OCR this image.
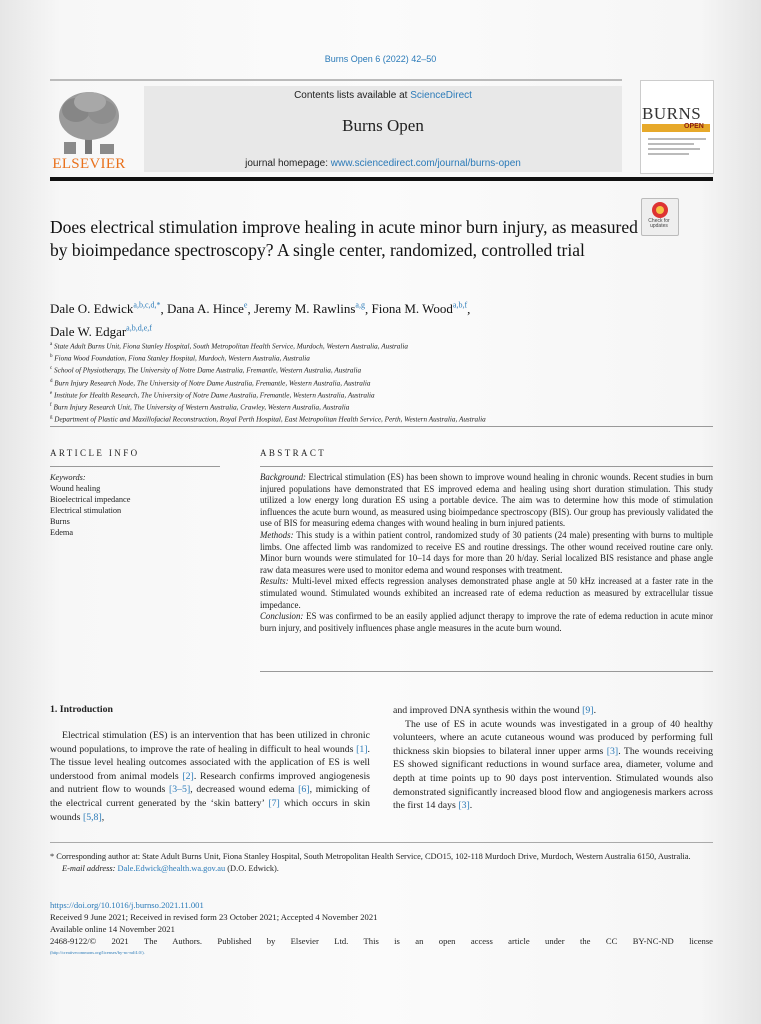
Burns Open 6 (2022) 42–50
ELSEVIER
Contents lists available at ScienceDirect
Burns Open
journal homepage: www.sciencedirect.com/journal/burns-open
BURNS
OPEN
Check for updates
Does electrical stimulation improve healing in acute minor burn injury, as measured by bioimpedance spectroscopy? A single center, randomized, controlled trial
Dale O. Edwick$^{a,b,c,d,*}$, Dana A. Hince$^e$, Jeremy M. Rawlins$^{a,g}$, Fiona M. Wood$^{a,b,f}$,
Dale W. Edgar$^{a,b,d,e,f}$
$^a$ State Adult Burns Unit, Fiona Stanley Hospital, South Metropolitan Health Service, Murdoch, Western Australia, Australia
$^b$ Fiona Wood Foundation, Fiona Stanley Hospital, Murdoch, Western Australia, Australia
$^c$ School of Physiotherapy, The University of Notre Dame Australia, Fremantle, Western Australia, Australia
$^d$ Burn Injury Research Node, The University of Notre Dame Australia, Fremantle, Western Australia, Australia
$^e$ Institute for Health Research, The University of Notre Dame Australia, Fremantle, Western Australia, Australia
$^f$ Burn Injury Research Unit, The University of Western Australia, Crawley, Western Australia, Australia
$^g$ Department of Plastic and Maxillofacial Reconstruction, Royal Perth Hospital, East Metropolitan Health Service, Perth, Western Australia, Australia
ARTICLE INFO
Keywords:
Wound healing
Bioelectrical impedance
Electrical stimulation
Burns
Edema
ABSTRACT

Background: Electrical stimulation (ES) has been shown to improve wound healing in chronic wounds. Recent studies in burn injured populations have demonstrated that ES improved edema and healing using short duration stimulation. This study utilized a low energy long duration ES using a portable device. The aim was to determine how this mode of stimulation influences the acute burn wound, as measured using bioimpedance spectroscopy (BIS). Our group has previously validated the use of BIS for measuring edema changes with wound healing in burn injured patients.

Methods: This study is a within patient control, randomized study of 30 patients (24 male) presenting with burns to multiple limbs. One affected limb was randomized to receive ES and routine dressings. The other wound received routine care only. Minor burn wounds were stimulated for 10–14 days for more than 20 h/day. Serial localized BIS resistance and phase angle raw data measures were used to monitor edema and wound responses with treatment.

Results: Multi-level mixed effects regression analyses demonstrated phase angle at 50 kHz increased at a faster rate in the stimulated wound. Stimulated wounds exhibited an increased rate of edema reduction as measured by extracellular tissue impedance.

Conclusion: ES was confirmed to be an easily applied adjunct therapy to improve the rate of edema reduction in acute minor burn injury, and positively influences phase angle measures in the acute burn wound.

1. Introduction

Electrical stimulation (ES) is an intervention that has been utilized in chronic wound populations, to improve the rate of healing in difficult to heal wounds [1]. The tissue level healing outcomes associated with the application of ES is well understood from animal models [2]. Research confirms improved angiogenesis and nutrient flow to wounds [3–5], decreased wound edema [6], mimicking of the electrical current generated by the ‘skin battery’ [7] which occurs in skin wounds [5,8],

and improved DNA synthesis within the wound [9].

The use of ES in acute wounds was investigated in a group of 40 healthy volunteers, where an acute cutaneous wound was produced by performing full thickness skin biopsies to bilateral inner upper arms [3]. The wounds receiving ES showed significant reductions in wound surface area, diameter, volume and depth at time points up to 90 days post intervention. Stimulated wounds also demonstrated significantly increased blood flow and angiogenesis markers across the first 14 days [3].

* Corresponding author at: State Adult Burns Unit, Fiona Stanley Hospital, South Metropolitan Health Service, CDO15, 102-118 Murdoch Drive, Murdoch, Western Australia 6150, Australia.
E-mail address: Dale.Edwick@health.wa.gov.au (D.O. Edwick).
https://doi.org/10.1016/j.burnso.2021.11.001
Received 9 June 2021; Received in revised form 23 October 2021; Accepted 4 November 2021
Available online 14 November 2021
2468-9122/© 2021 The Authors. Published by Elsevier Ltd. This is an open access article under the CC BY-NC-ND license
(http://creativecommons.org/licenses/by-nc-nd/4.0/).
